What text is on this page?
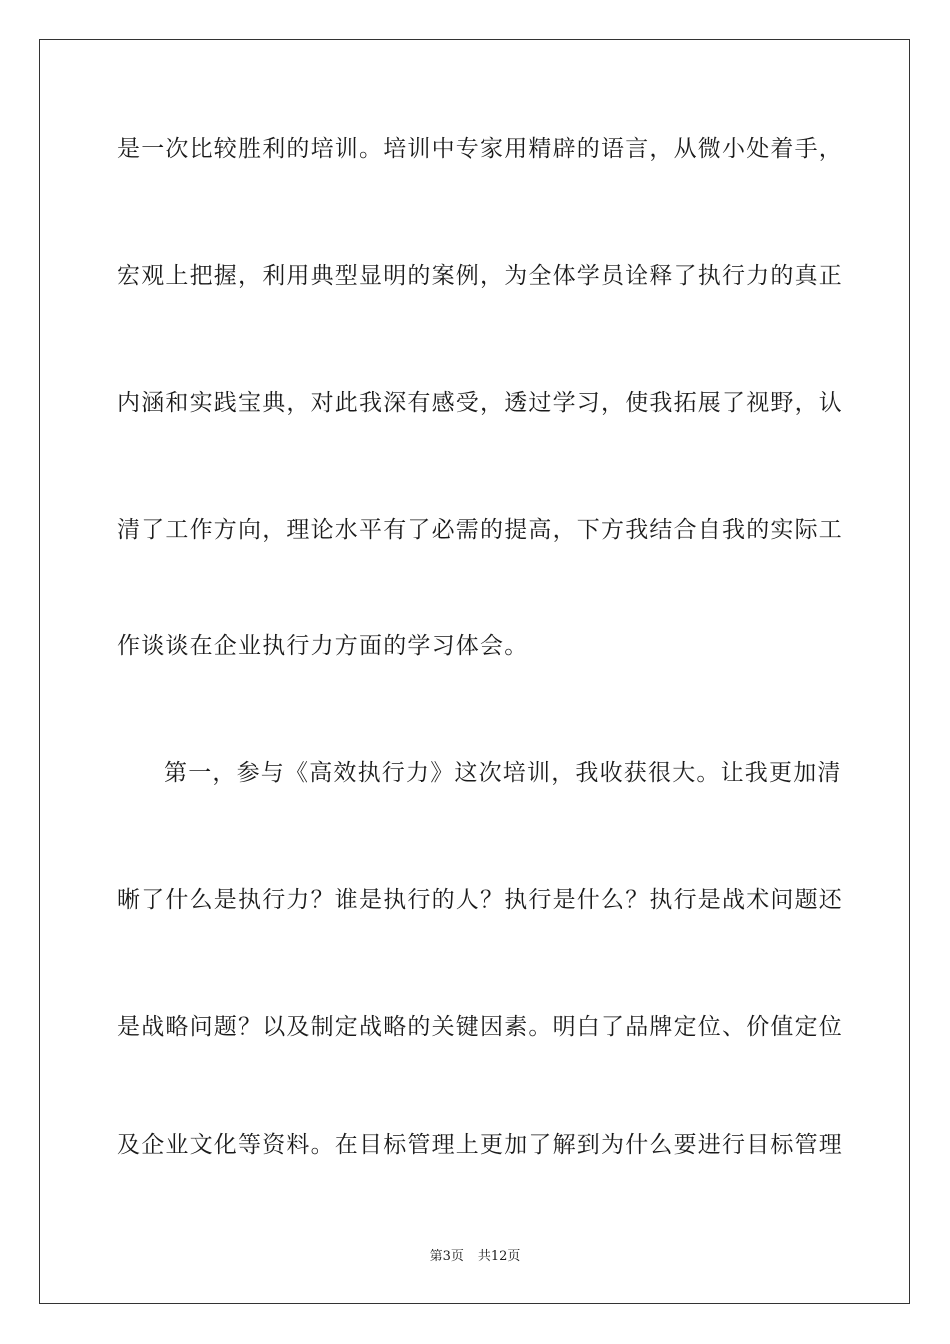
是一次比较胜利的培训。培训中专家用精辟的语言，从微小处着手，
宏观上把握，利用典型显明的案例，为全体学员诠释了执行力的真正
内涵和实践宝典，对此我深有感受，透过学习，使我拓展了视野，认
清了工作方向，理论水平有了必需的提高，下方我结合自我的实际工
作谈谈在企业执行力方面的学习体会。
第一，参与《高效执行力》这次培训，我收获很大。让我更加清
晰了什么是执行力？谁是执行的人？执行是什么？执行是战术问题还
是战略问题？以及制定战略的关键因素。明白了品牌定位、价值定位
及企业文化等资料。在目标管理上更加了解到为什么要进行目标管理
第3页 共12页
